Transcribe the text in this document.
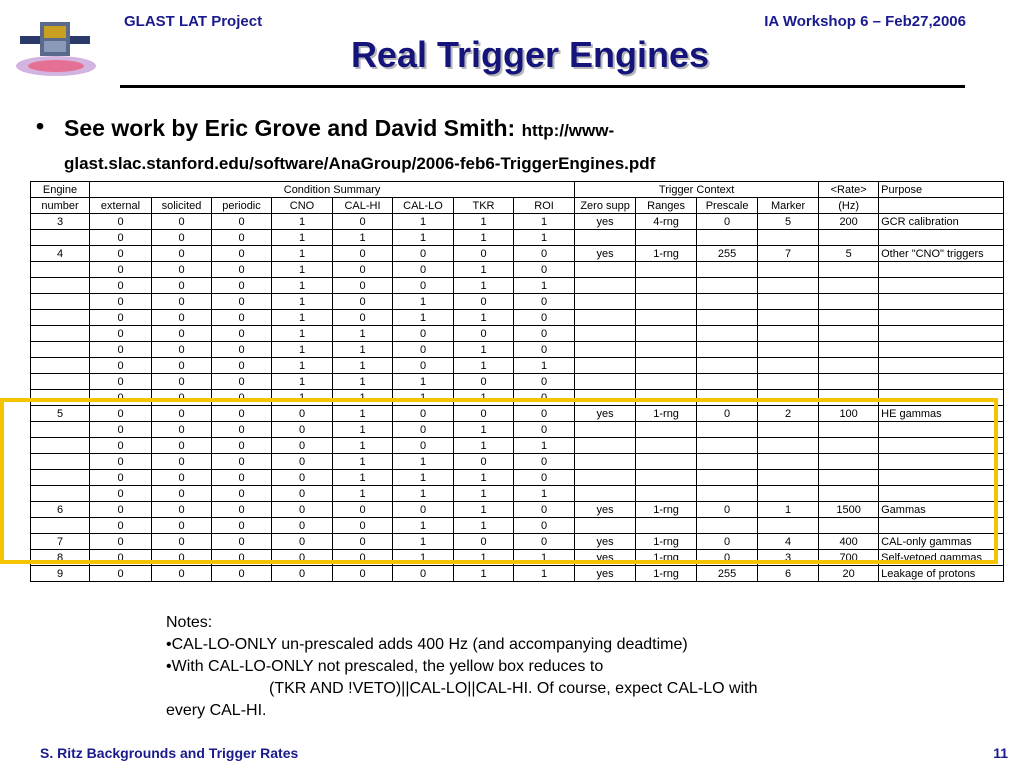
GLAST LAT Project	IA Workshop 6 – Feb27,2006
Real Trigger Engines
• See work by Eric Grove and David Smith: http://www-glast.slac.stanford.edu/software/AnaGroup/2006-feb6-TriggerEngines.pdf
Engine	Condition Summary								Trigger Context				<Rate>	Purpose
number	external	solicited	periodic	CNO	CAL-HI	CAL-LO	TKR	ROI	Zero supp	Ranges	Prescale	Marker	(Hz)	
3	0	0	0	1	0	1	1	1	yes	4-rng	0	5	200	GCR calibration
	0	0	0	1	1	1	1	1						
4	0	0	0	1	0	0	0	0	yes	1-rng	255	7	5	Other "CNO" triggers
	0	0	0	1	0	0	1	0						
	0	0	0	1	0	0	1	1						
	0	0	0	1	0	1	0	0						
	0	0	0	1	0	1	1	0						
	0	0	0	1	1	0	0	0						
	0	0	0	1	1	0	1	0						
	0	0	0	1	1	0	1	1						
	0	0	0	1	1	1	0	0						
	0	0	0	1	1	1	1	0						
5	0	0	0	0	1	0	0	0	yes	1-rng	0	2	100	HE gammas
	0	0	0	0	1	0	1	0						
	0	0	0	0	1	0	1	1						
	0	0	0	0	1	1	0	0						
	0	0	0	0	1	1	1	0						
	0	0	0	0	1	1	1	1						
6	0	0	0	0	0	0	1	0	yes	1-rng	0	1	1500	Gammas
	0	0	0	0	0	1	1	0						
7	0	0	0	0	0	1	0	0	yes	1-rng	0	4	400	CAL-only gammas
8	0	0	0	0	0	1	1	1	yes	1-rng	0	3	700	Self-vetoed gammas
9	0	0	0	0	0	0	1	1	yes	1-rng	255	6	20	Leakage of protons
Notes:
•CAL-LO-ONLY un-prescaled adds 400 Hz (and accompanying deadtime)
•With CAL-LO-ONLY not prescaled, the yellow box reduces to
(TKR AND !VETO)||CAL-LO||CAL-HI. Of course, expect CAL-LO with
every CAL-HI.
S. Ritz Backgrounds and Trigger Rates	11
